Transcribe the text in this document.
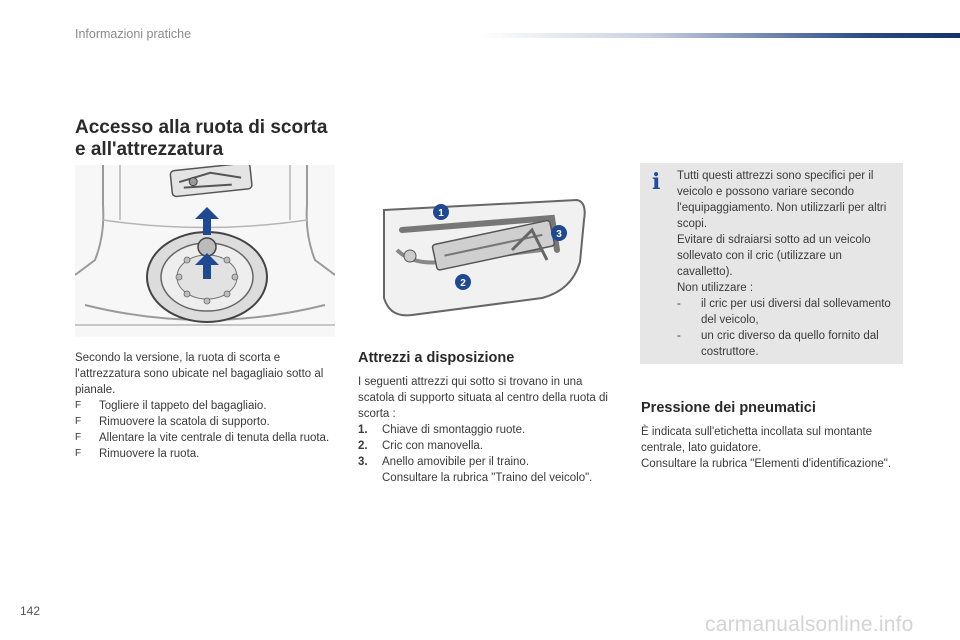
Informazioni pratiche
Accesso alla ruota di scorta
e all'attrezzatura
1
2
3

Secondo la versione, la ruota di scorta e l'attrezzatura sono ubicate nel bagagliaio sotto al pianale.

F	Togliere il tappeto del bagagliaio.
F	Rimuovere la scatola di supporto.
F	Allentare la vite centrale di tenuta della ruota.
F	Rimuovere la ruota.
Attrezzi a disposizione

I seguenti attrezzi qui sotto si trovano in una scatola di supporto situata al centro della ruota di scorta :

1.	Chiave di smontaggio ruote.
2.	Cric con manovella.
3.	Anello amovibile per il traino.

Consultare la rubrica "Traino del veicolo".

i Tutti questi attrezzi sono specifici per il veicolo e possono variare secondo l'equipaggiamento. Non utilizzarli per altri scopi.

Evitare di sdraiarsi sotto ad un veicolo sollevato con il cric (utilizzare un cavalletto).

Non utilizzare :

-	il cric per usi diversi dal sollevamento del veicolo,
-	un cric diverso da quello fornito dal costruttore.
Pressione dei pneumatici

È indicata sull'etichetta incollata sul montante centrale, lato guidatore.

Consultare la rubrica "Elementi d'identificazione".

142
carmanualsonline.info
